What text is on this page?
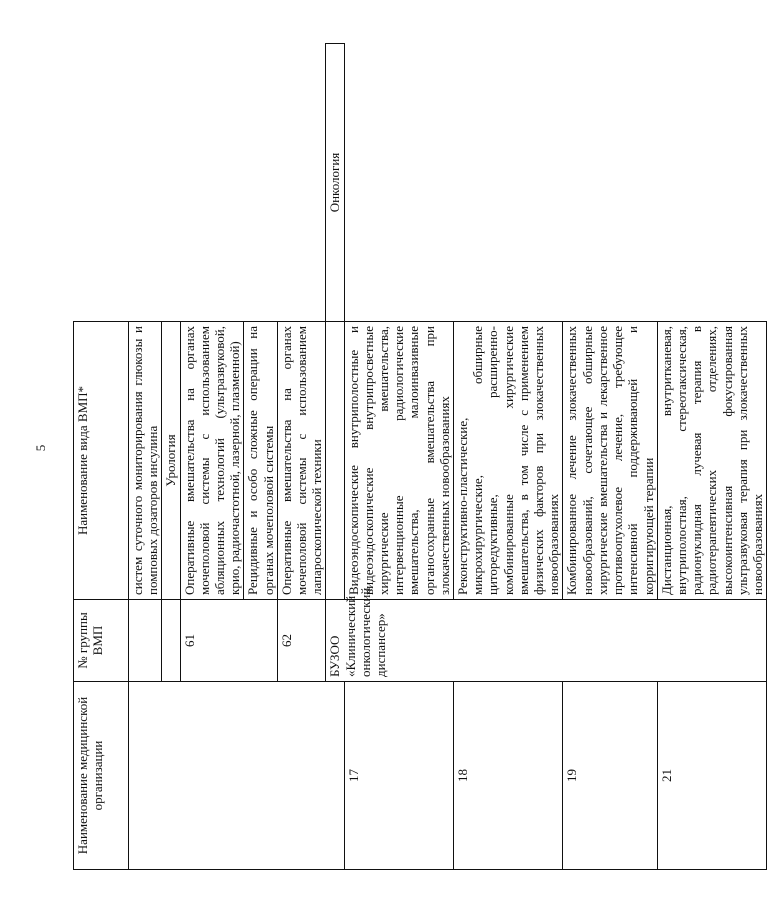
5
Наименование медицинской организации	№ группы ВМП	Наименование вида ВМП*	
		систем суточного мониторирования глюкозы и помповых дозаторов инсулина	
		Урология	
	61	Оперативные вмешательства на органах мочеполовой системы с использованием абляционных технологий (ультразвуковой, крио, радиочастотной, лазерной, плазменной)	
		Рецидивные и особо сложные операции на органах мочеполовой системы	
	62	Оперативные вмешательства на органах мочеполовой системы с использованием лапароскопической техники	
	БУЗОО «Клинический онкологический диспансер»		Онкология
17		Видеоэндоскопические внутриполостные и видеоэндоскопические внутрипросветные хирургические вмешательства, интервенционные радиологические вмешательства, малоинвазивные органосохранные вмешательства при злокачественных новообразованиях	
18		Реконструктивно-пластические, микрохирургические, обширные циторедуктивные, расширенно-комбинированные хирургические вмешательства, в том числе с применением физических факторов при злокачественных новообразованиях	
19		Комбинированное лечение злокачественных новообразований, сочетающее обширные хирургические вмешательства и лекарственное противоопухолевое лечение, требующее интенсивной поддерживающей и корригирующей терапии	
21		Дистанционная, внутритканевая, внутриполостная, стереотаксическая, радионуклидная лучевая терапия в радиотерапевтических отделениях, высокоинтенсивная фокусированная ультразвуковая терапия при злокачественных новообразованиях	
